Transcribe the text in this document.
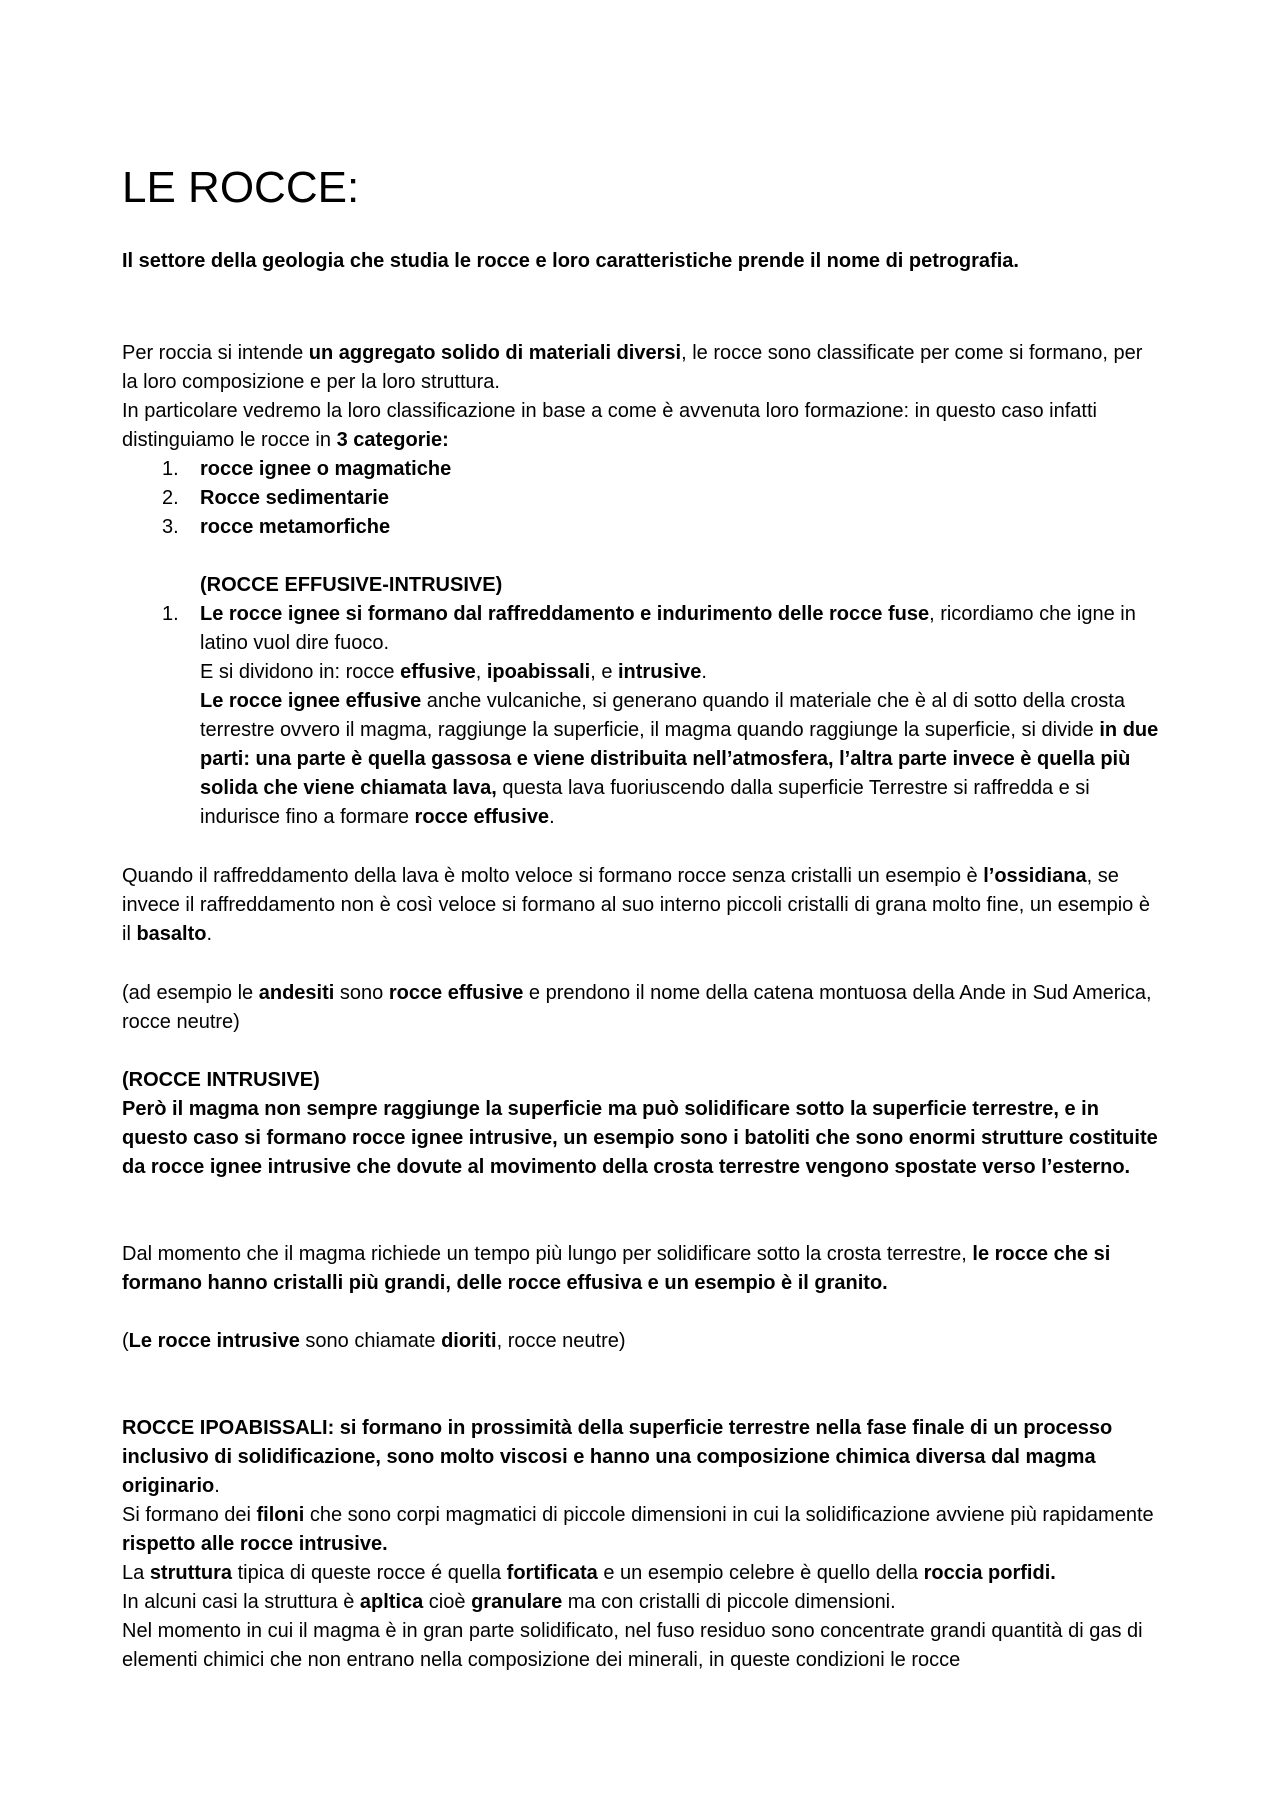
LE ROCCE:

Il settore della geologia che studia le rocce e loro caratteristiche prende il nome di petrografia.

Per roccia si intende un aggregato solido di materiali diversi, le rocce sono classificate per come si formano, per la loro composizione e per la loro struttura.
In particolare vedremo la loro classificazione in base a come è avvenuta loro formazione: in questo caso infatti distinguiamo le rocce in 3 categorie:

1.	rocce ignee o magmatiche
2.	Rocce sedimentarie
3.	rocce metamorfiche

(ROCCE EFFUSIVE-INTRUSIVE)

1.	Le rocce ignee si formano dal raffreddamento e indurimento delle rocce fuse, ricordiamo che igne in latino vuol dire fuoco.
E si dividono in: rocce effusive, ipoabissali, e intrusive.
Le rocce ignee effusive anche vulcaniche, si generano quando il materiale che è al di sotto della crosta terrestre ovvero il magma, raggiunge la superficie, il magma quando raggiunge la superficie, si divide in due parti: una parte è quella gassosa e viene distribuita nell’atmosfera, l’altra parte invece è quella più solida che viene chiamata lava, questa lava fuoriuscendo dalla superficie Terrestre si raffredda e si indurisce fino a formare rocce effusive.

Quando il raffreddamento della lava è molto veloce si formano rocce senza cristalli un esempio è l’ossidiana, se invece il raffreddamento non è così veloce si formano al suo interno piccoli cristalli di grana molto fine, un esempio è il basalto.

(ad esempio le andesiti sono rocce effusive e prendono il nome della catena montuosa della Ande in Sud America, rocce neutre)

(ROCCE INTRUSIVE)
Però il magma non sempre raggiunge la superficie ma può solidificare sotto la superficie terrestre, e in questo caso si formano rocce ignee intrusive, un esempio sono i batoliti che sono enormi strutture costituite da rocce ignee intrusive che dovute al movimento della crosta terrestre vengono spostate verso l’esterno.

Dal momento che il magma richiede un tempo più lungo per solidificare sotto la crosta terrestre, le rocce che si formano hanno cristalli più grandi, delle rocce effusiva e un esempio è il granito.

(Le rocce intrusive sono chiamate dioriti, rocce neutre)

ROCCE IPOABISSALI: si formano in prossimità della superficie terrestre nella fase finale di un processo inclusivo di solidificazione, sono molto viscosi e hanno una composizione chimica diversa dal magma originario.
Si formano dei filoni che sono corpi magmatici di piccole dimensioni in cui la solidificazione avviene più rapidamente rispetto alle rocce intrusive.
La struttura tipica di queste rocce é quella fortificata e un esempio celebre è quello della roccia porfidi.
In alcuni casi la struttura è apltica cioè granulare ma con cristalli di piccole dimensioni.
Nel momento in cui il magma è in gran parte solidificato, nel fuso residuo sono concentrate grandi quantità di gas di elementi chimici che non entrano nella composizione dei minerali, in queste condizioni le rocce
